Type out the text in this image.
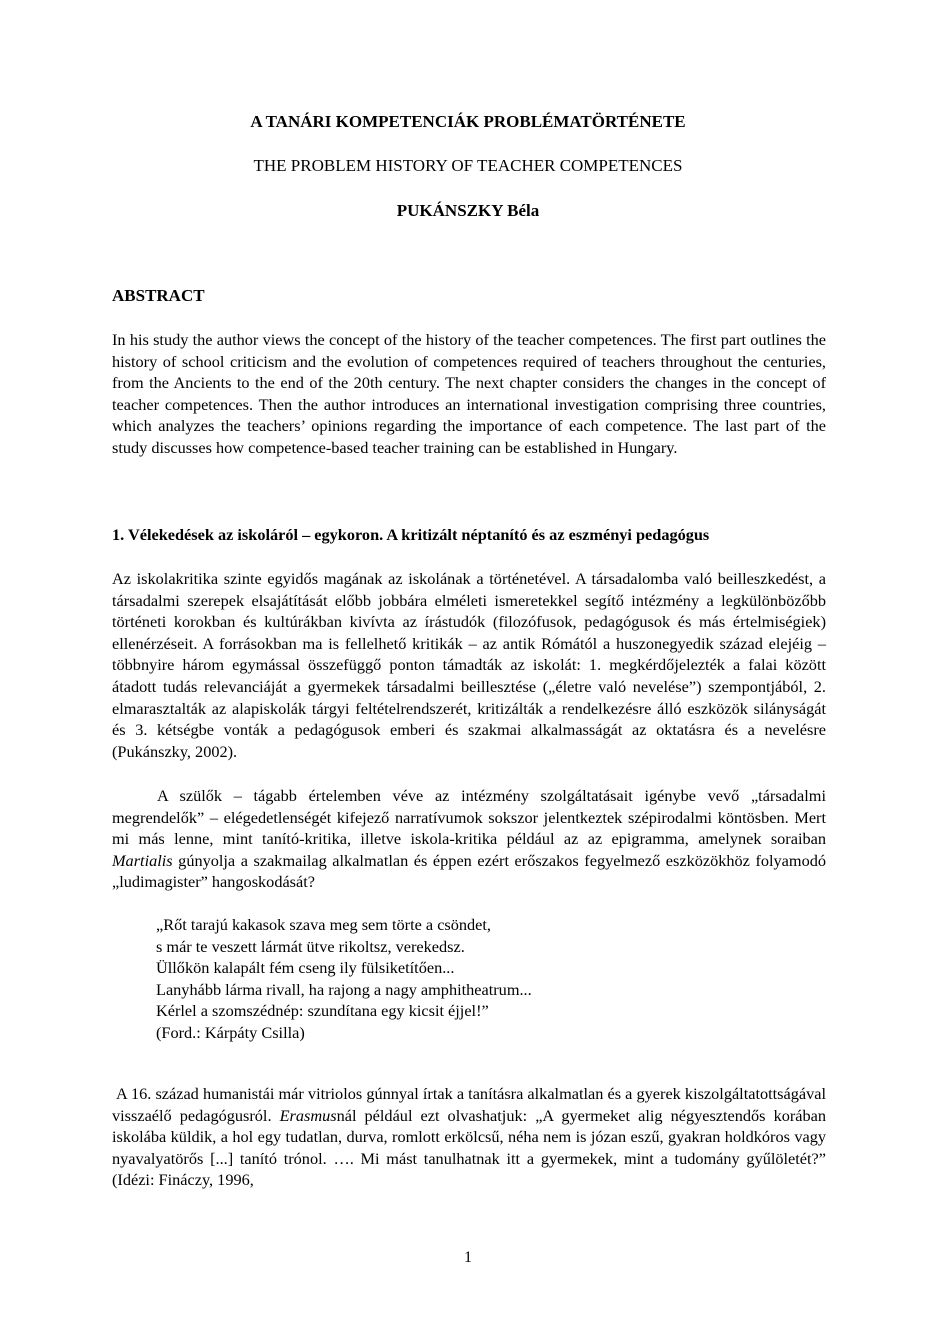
A TANÁRI KOMPETENCIÁK PROBLÉMATÖRTÉNETE
THE PROBLEM HISTORY OF TEACHER COMPETENCES
PUKÁNSZKY Béla
ABSTRACT

In his study the author views the concept of the history of the teacher competences. The first part outlines the history of school criticism and the evolution of competences required of teachers throughout the centuries, from the Ancients to the end of the 20th century. The next chapter considers the changes in the concept of teacher competences. Then the author introduces an international investigation comprising three countries, which analyzes the teachers’ opinions regarding the importance of each competence. The last part of the study discusses how competence-based teacher training can be established in Hungary.

1. Vélekedések az iskoláról – egykoron. A kritizált néptanító és az eszményi pedagógus

Az iskolakritika szinte egyidős magának az iskolának a történetével. A társadalomba való beilleszkedést, a társadalmi szerepek elsajátítását előbb jobbára elméleti ismeretekkel segítő intézmény a legkülönbözőbb történeti korokban és kultúrákban kivívta az írástudók (filozófusok, pedagógusok és más értelmiségiek) ellenérzéseit. A forrásokban ma is fellelhető kritikák – az antik Rómától a huszonegyedik század elejéig – többnyire három egymással összefüggő ponton támadták az iskolát: 1. megkérdőjelezték a falai között átadott tudás relevanciáját a gyermekek társadalmi beillesztése („életre való nevelése”) szempontjából, 2. elmarasztalták az alapiskolák tárgyi feltételrendszerét, kritizálták a rendelkezésre álló eszközök silányságát és 3. kétségbe vonták a pedagógusok emberi és szakmai alkalmasságát az oktatásra és a nevelésre (Pukánszky, 2002).

A szülők – tágabb értelemben véve az intézmény szolgáltatásait igénybe vevő „társadalmi megrendelők” – elégedetlenségét kifejező narratívumok sokszor jelentkeztek szépirodalmi köntösben. Mert mi más lenne, mint tanító-kritika, illetve iskola-kritika például az az epigramma, amelynek soraiban Martialis gúnyolja a szakmailag alkalmatlan és éppen ezért erőszakos fegyelmező eszközökhöz folyamodó „ludimagister” hangoskodását?

„Rőt tarajú kakasok szava meg sem törte a csöndet,
s már te veszett lármát ütve rikoltsz, verekedsz.
Üllőkön kalapált fém cseng ily fülsiketítően...
Lanyhább lárma rivall, ha rajong a nagy amphitheatrum...
Kérlel a szomszédnép: szundítana egy kicsit éjjel!”
(Ford.: Kárpáty Csilla)

A 16. század humanistái már vitriolos gúnnyal írtak a tanításra alkalmatlan és a gyerek kiszolgáltatottságával visszaélő pedagógusról. Erasmusnál például ezt olvashatjuk: „A gyermeket alig négyesztendős korában iskolába küldik, a hol egy tudatlan, durva, romlott erkölcsű, néha nem is józan eszű, gyakran holdkóros vagy nyavalyatörős [...] tanító trónol. …. Mi mást tanulhatnak itt a gyermekek, mint a tudomány gyűlöletét?” (Idézi: Fináczy, 1996,

1
